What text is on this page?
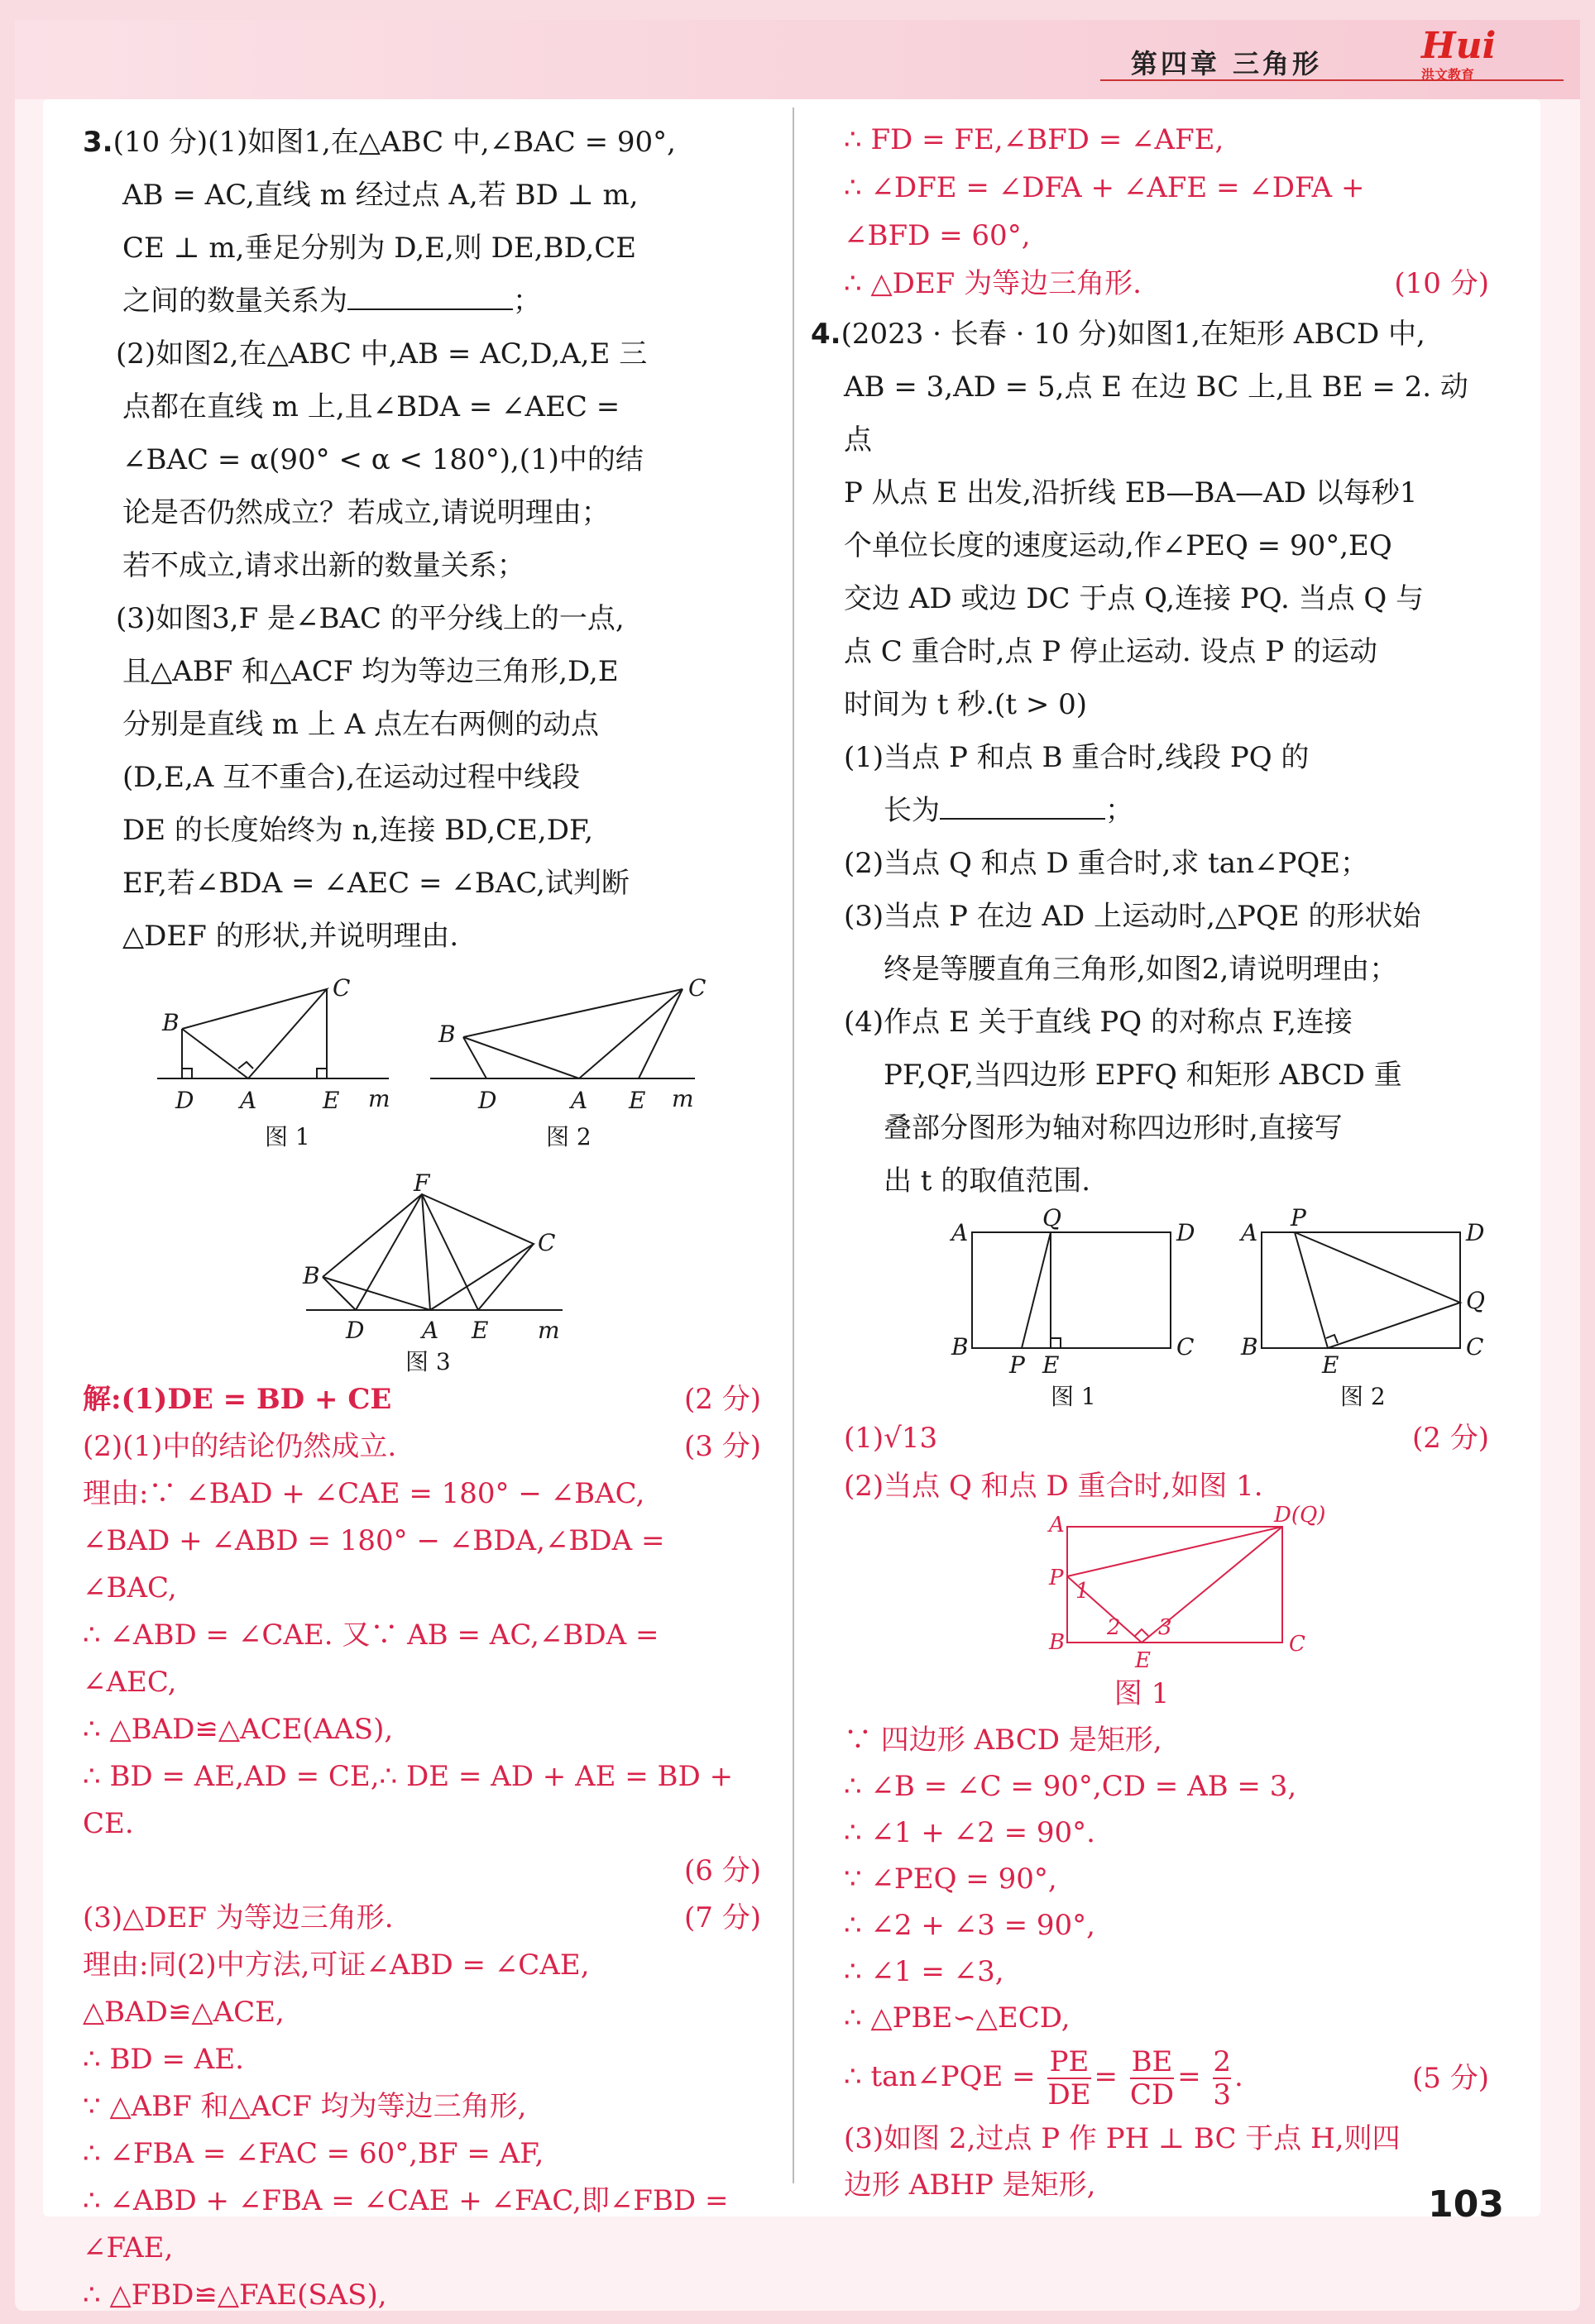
第四章 三角形	Hui
洪文教育

3.(10 分)(1)如图1,在△ABC 中,∠BAC = 90°,

AB = AC,直线 m 经过点 A,若 BD ⊥ m,

CE ⊥ m,垂足分别为 D,E,则 DE,BD,CE

之间的数量关系为	；

(2)如图2,在△ABC 中,AB = AC,D,A,E 三

点都在直线 m 上,且∠BDA = ∠AEC =

∠BAC = α(90° < α < 180°),(1)中的结

论是否仍然成立？若成立,请说明理由；

若不成立,请求出新的数量关系；

(3)如图3,F 是∠BAC 的平分线上的一点,

且△ABF 和△ACF 均为等边三角形,D,E

分别是直线 m 上 A 点左右两侧的动点

(D,E,A 互不重合),在运动过程中线段

DE 的长度始终为 n,连接 BD,CE,DF,

EF,若∠BDA = ∠AEC = ∠BAC,试判断

△DEF 的形状,并说明理由.

B
C
D A	E m
图 1
B
C
D	A E m
图 2
F
B
C
D A E m
图 3
解:(1)DE = BD + CE	(2 分)
(2)(1)中的结论仍然成立.	(3 分)
理由:∵ ∠BAD + ∠CAE = 180° − ∠BAC,
∠BAD + ∠ABD = 180° − ∠BDA,∠BDA = ∠BAC,
∴ ∠ABD = ∠CAE. 又∵ AB = AC,∠BDA =
∠AEC,
∴ △BAD≌△ACE(AAS),
∴ BD = AE,AD = CE,∴ DE = AD + AE = BD + CE.
(6 分)
(3)△DEF 为等边三角形.	(7 分)
理由:同(2)中方法,可证∠ABD = ∠CAE,
△BAD≌△ACE,
∴ BD = AE.
∵ △ABF 和△ACF 均为等边三角形,
∴ ∠FBA = ∠FAC = 60°,BF = AF,
∴ ∠ABD + ∠FBA = ∠CAE + ∠FAC,即∠FBD =
∠FAE,
∴ △FBD≌△FAE(SAS),
∴ FD = FE,∠BFD = ∠AFE,
∴ ∠DFE = ∠DFA + ∠AFE = ∠DFA +
∠BFD = 60°,
∴ △DEF 为等边三角形.	(10 分)

4.(2023 · 长春 · 10 分)如图1,在矩形 ABCD 中,

AB = 3,AD = 5,点 E 在边 BC 上,且 BE = 2. 动点

P 从点 E 出发,沿折线 EB—BA—AD 以每秒1

个单位长度的速度运动,作∠PEQ = 90°,EQ

交边 AD 或边 DC 于点 Q,连接 PQ. 当点 Q 与

点 C 重合时,点 P 停止运动. 设点 P 的运动

时间为 t 秒.(t > 0)

(1)当点 P 和点 B 重合时,线段 PQ 的

长为	；

(2)当点 Q 和点 D 重合时,求 tan∠PQE；

(3)当点 P 在边 AD 上运动时,△PQE 的形状始

终是等腰直角三角形,如图2,请说明理由；

(4)作点 E 关于直线 PQ 的对称点 F,连接

PF,QF,当四边形 EPFQ 和矩形 ABCD 重

叠部分图形为轴对称四边形时,直接写

出 t 的取值范围.

A
Q
D
B
P E
C
图 1
A
P
D
Q
B
E
C
图 2
(1)√13	(2 分)
(2)当点 Q 和点 D 重合时,如图 1.
A	D(Q)
P
1
2 3
B
E
C
图 1
∵ 四边形 ABCD 是矩形,
∴ ∠B = ∠C = 90°,CD = AB = 3,
∴ ∠1 + ∠2 = 90°.
∵ ∠PEQ = 90°,
∴ ∠2 + ∠3 = 90°,
∴ ∠1 = ∠3,
∴ △PBE∽△ECD,
∴ tan∠PQE = $\frac{PE}{DE} = \frac{BE}{CD} = \frac{2}{3}$ .	(5 分)
(3)如图 2,过点 P 作 PH ⊥ BC 于点 H,则四
边形 ABHP 是矩形,	103
